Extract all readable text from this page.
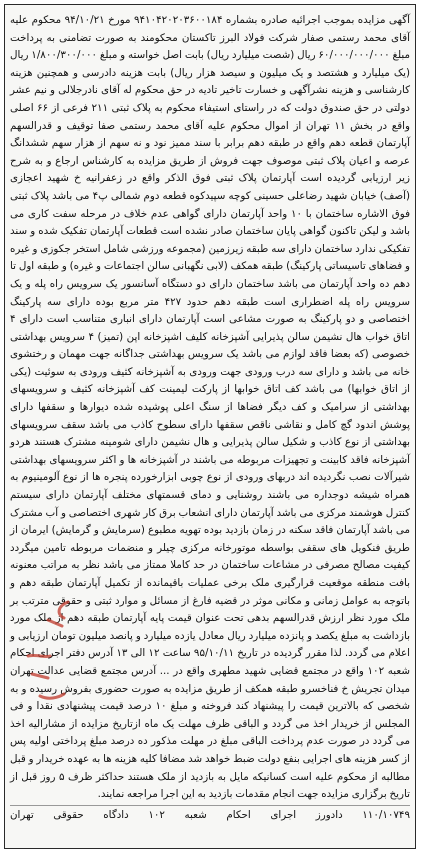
آگهی مزایده بموجب اجرائیه صادره بشماره ۹۴۱۰۴۲۰۲۰۳۶۰۰۱۸۴ مورخ ۹۴/۱۰/۲۱ محکوم علیه آقای محمد رستمی صفار شرکت فولاد البرز تاکستان محکومند به صورت تضامنی به پرداخت مبلغ ۶۰/۰۰۰/۰۰۰/۰۰۰ ریال (شصت میلیارد ریال) بابت اصل خواسته و مبلغ ۱/۸۰۰/۳۰۰/۰۰۰ ریال (یک میلیارد و هشتصد و یک میلیون و سیصد هزار ریال) بابت هزینه دادرسی و همچنین هزینه کارشناسی و هزینه نشرآگهی و خسارت تاخیر تادیه در حق محکوم له آقای نادرجلالی و نیم عشر دولتی در حق صندوق دولت که در راستای استیفاء محکوم به پلاک ثبتی ۲۱۱ فرعی از ۶۶ اصلی واقع در بخش ۱۱ تهران از اموال محکوم علیه آقای محمد رستمی صفا توقیف و قدرالسهم آپارتمان قطعه دهم واقع در طبقه دهم برابر با سند ممیز نود و نه سهم از هزار سهم ششدانگ عرصه و اعیان پلاک ثبتی موصوف جهت فروش از طریق مزایده به کارشناس ارجاع و به شرح زیر ارزیابی گردیده است آپارتمان پلاک ثبتی فوق الذکر واقع در زعفرانیه خ شهید اعجازی (آصف) خیابان شهید رضاعلی حسینی کوچه سپیدکوه قطعه دوم شمالی پ۴ می باشد پلاک ثبتی فوق الاشاره ساختمان با ۱۰ واحد آپارتمان دارای گواهی عدم خلاف در مرحله سفت کاری می باشد و لیکن تاکنون گواهی پایان ساختمان صادر نشده است قطعات آپارتمان تفکیک شده و سند تفکیکی ندارد ساختمان دارای سه طبقه زیرزمین (مجموعه ورزشی شامل استخر جکوزی و غیره و فضاهای تاسیساتی پارکینگ) طبقه همکف (لابی نگهبانی سالن اجتماعات و غیره) و طبقه اول تا دهم ده واحد آپارتمان می باشد ساختمان دارای دو دستگاه آسانسور یک سرویس راه پله و یک سرویس راه پله اضطراری است طبقه دهم حدود ۴۲۷ متر مربع بوده دارای سه پارکینگ اختصاصی و دو پارکینگ به صورت مشاعی است آپارتمان دارای انباری متناسب است دارای ۴ اتاق خواب هال نشیمن سالن پذیرایی آشپزخانه کلیف اشپزخانه اپن (تمیز) ۴ سرویس بهداشتی خصوصی (که بعضا فاقد لوازم می باشد یک سرویس بهداشتی جداگانه جهت مهمان و رختشوی خانه می باشد و دارای سه درب ورودی جهت ورودی به آشپزخانه کثیف ورودی به سوئیت (یکی از اتاق خوابها) می باشد کف اتاق خوابها از پارکت لیمینت کف آشپزخانه کثیف و سرویسهای بهداشتی از سرامیک و کف دیگر فضاها از سنگ اعلی پوشیده شده دیوارها و سقفها دارای پوشش اندود گچ کامل و نقاشی ناقص سقفها دارای سطوح کاذب می باشد سقف سرویسهای بهداشتی از نوع کاذب و شکیل سالن پذیرایی و هال نشیمن دارای شومینه مشترک هستند هردو آشپزخانه فاقد کابینت و تجهیزات مربوطه می باشند در آشپزخانه ها و اکثر سرویسهای بهداشتی شیرآلات نصب نگردیده اند دربهای ورودی از نوع چوبی ابزارخورده پنجره ها از نوع آلومینیوم به همراه شیشه دوجداره می باشند روشنایی و دمای قسمتهای مختلف آپارتمان دارای سیستم کنترل هوشمند مرکزی می باشد آپارتمان دارای انشعاب برق کار شهری اختصاصی و آب مشترک می باشد آپارتمان فاقد سکنه در زمان بازدید بوده تهویه مطبوع (سرمایش و گرمایش) ایرمان از طریق فنکویل های سقفی بواسطه موتورخانه مرکزی چیلر و منضمات مربوطه تامین میگردد کیفیت مصالح مصرفی در مشاعات ساختمان در حد کاملا ممتاز می باشد نظر به مراتب معنونه بافت منطقه موقعیت قرارگیری ملک برخی عملیات باقیمانده از تکمیل آپارتمان طبقه دهم و باتوجه به عوامل زمانی و مکانی موثر در قضیه فارغ از مسائل و موارد ثبتی و حقوقی مترتب بر ملک مورد نظر ارزش قدرالسهم بدهی تحت عنوان قیمت پایه آپارتمان طبقه دهم از ملک مورد بازداشت به مبلغ یکصد و پانزده میلیارد ریال معادل یازده میلیارد و پانصد میلیون تومان ارزیابی و اعلام می گردد. لذا مقرر گردیده در تاریخ ۹۵/۱۰/۱۱ ساعت ۱۲ الی ۱۳ آدرس دفتر اجرای احکام شعبه ۱۰۲ واقع در مجتمع قضایی شهید مطهری واقع در ... آدرس مجتمع قضایی عدالت تهران میدان تجریش خ فناخسرو طبقه همکف از طریق مزایده به صورت حضوری بفروش رسیده و به شخصی که بالاترین قیمت را پیشنهاد کند فروخته و مبلغ ۱۰ درصد قیمت پیشنهادی نقدا و فی المجلس از خریدار اخذ می گردد و الباقی ظرف مهلت یک ماه ازتاریخ مزایده از مشارالیه اخذ می گردد در صورت عدم پرداخت الباقی مبلغ در مهلت مذکور ده درصد مبلغ پرداختی اولیه پس از کسر هزینه های اجرایی بنفع دولت ضبط خواهد شد مضافا کلیه هزینه ها به عهده خریدار و قبل مطالبه از محکوم علیه است کسانیکه مایل به بازدید از ملک هستند حداکثر ظرف ۵ روز قبل از تاریخ برگزاری مزایده جهت انجام مقدمات بازدید به این اجرا مراجعه نمایند.

۱۱۰/۱۰۷۴۹ دادورز اجرای احکام شعبه ۱۰۲ دادگاه حقوقی تهران
